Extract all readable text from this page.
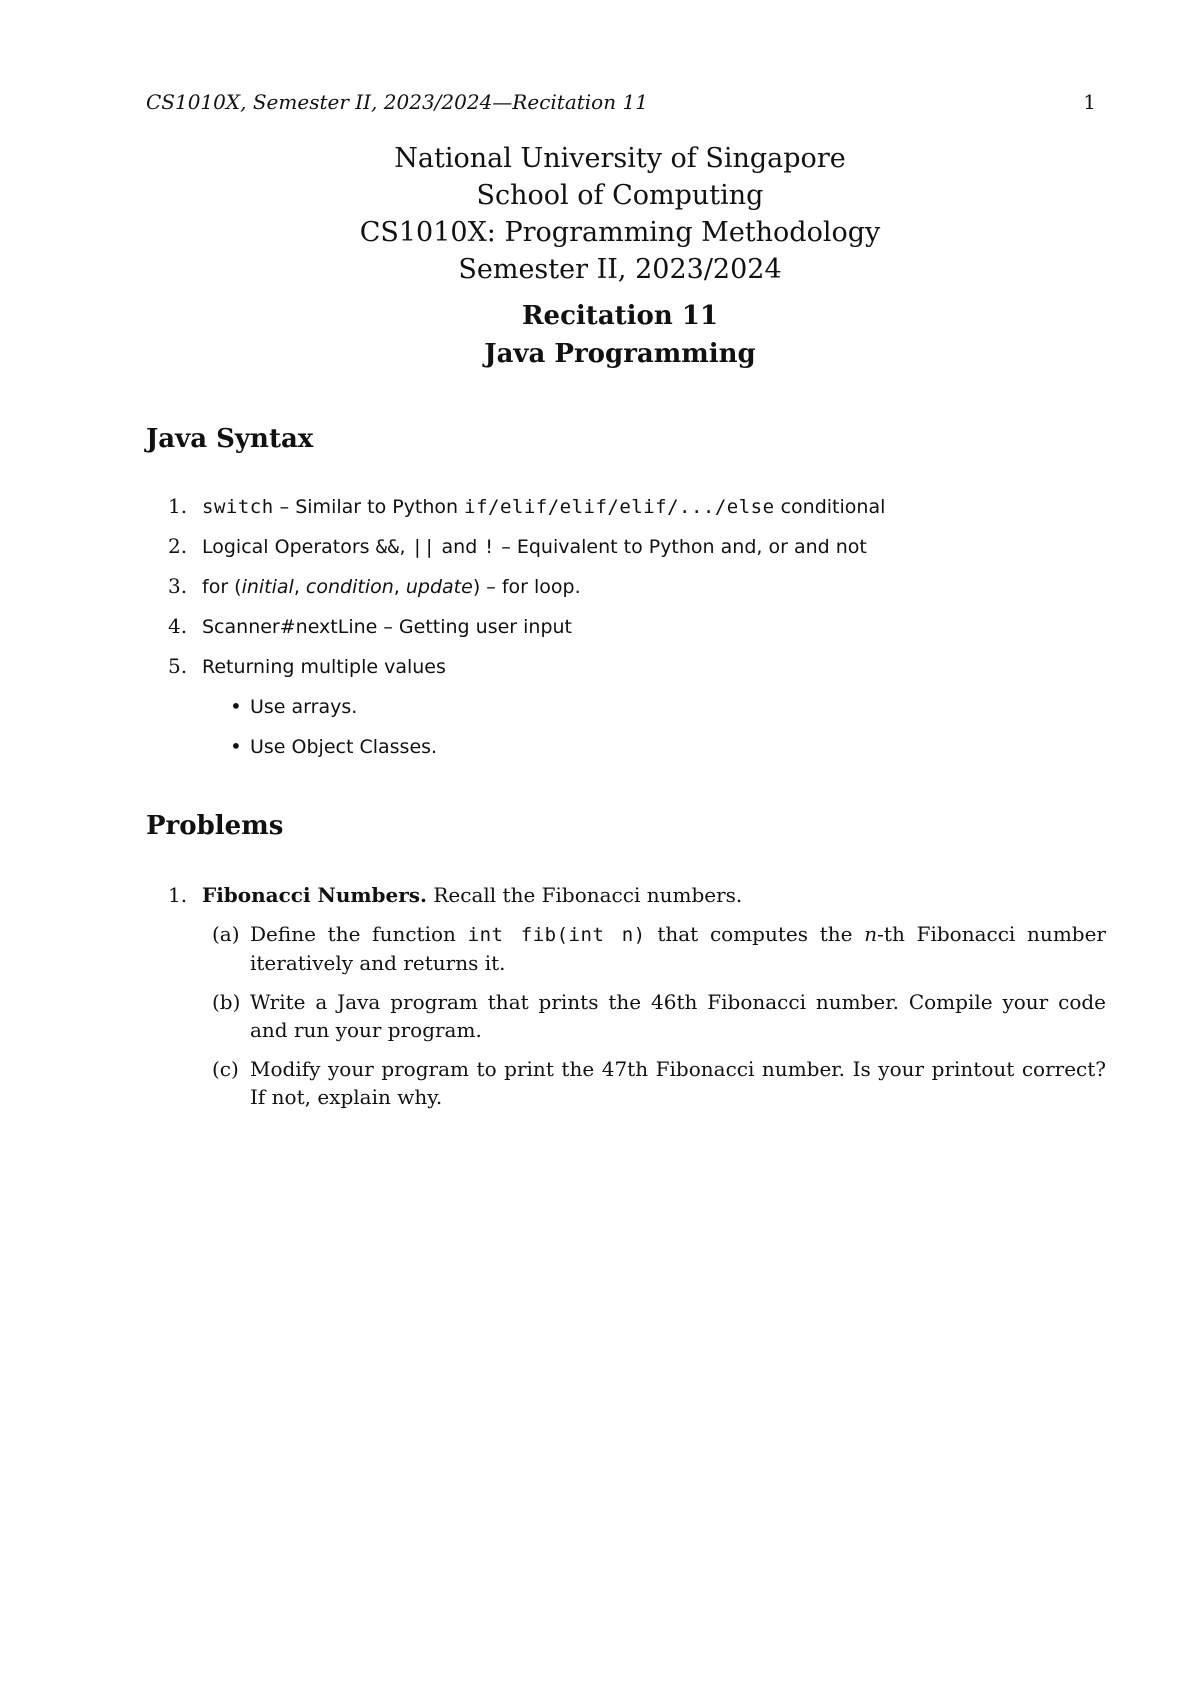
CS1010X, Semester II, 2023/2024—Recitation 11	1
National University of Singapore
School of Computing
CS1010X: Programming Methodology
Semester II, 2023/2024
Recitation 11
Java Programming
Java Syntax
1. switch – Similar to Python if/elif/elif/elif/.../else conditional
2. Logical Operators &&, || and ! – Equivalent to Python and, or and not
3. for (initial, condition, update) – for loop.
4. Scanner#nextLine – Getting user input
5. Returning multiple values
• Use arrays.
• Use Object Classes.
Problems
1. Fibonacci Numbers. Recall the Fibonacci numbers.
(a) Define the function int fib(int n) that computes the n-th Fibonacci number iteratively and returns it.
(b) Write a Java program that prints the 46th Fibonacci number. Compile your code and run your program.
(c) Modify your program to print the 47th Fibonacci number. Is your printout correct? If not, explain why.
